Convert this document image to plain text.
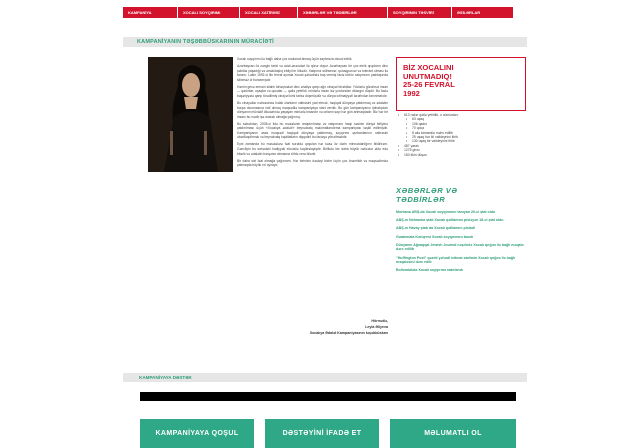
KAMPANİYA	XOCALI SOYQIRIMI	XOCALI XATİRƏSİ	XƏBƏRLƏR VƏ TƏDBİRLƏR	SOYQIRIMIN TƏSVİRİ	ƏSİLƏRLAR
KAMPANİYANIN TƏŞƏBBÜSKARININ MÜRACİƏTİ

Xocalı soyqırımı ilə bağlı daha çox məlumat almaq üçün saytımıza dəvət edirik.

Azərbaycan öz zəngin tarixi və adət-ənənələri ilə qürur duyur. Azərbaycan bir çox etnik qrupların dinc şəkildə yaşadığı və əməkdaşlıq etdiyi bir ölkədir. Xalqımız sülhsevər, qonaqpərvər və tolerant olması ilə tanınır. Lakin 1992-ci ilin fevral ayında Xocalı şəhərində baş vermiş faciə bütün xalqımızın yaddaşında silinməz iz buraxmışdır.

Həmin gecə erməni silahlı birləşmələri dinc əhaliyə qarşı ağır cinayət törətdilər. Yüzlərlə günahsız insan — qadınlar, uşaqlar və qocalar — qətlə yetirildi, minlərlə insan isə yurdundan didərgin düşdü. Bu faciə bəşəriyyətə qarşı törədilmiş cinayət kimi tarixə düşmüşdür və dünya ictimaiyyəti tərəfindən tanınmalıdır.

Bu cinayətlər nəticəsində həlak olanların xatirəsini yad etmək, həqiqəti dünyaya çatdırmaq və ədalətin bərpa olunmasına nail olmaq məqsədilə kampaniyaya start verdik. Bu gün kampaniyanın iştirakçıları dünyanın müxtəlif ölkələrində yaşayan minlərlə insandır və onların sayı hər gün artmaqdadır. Biz hər bir insanı bu nəcib işə dəstək olmağa çağırırıq.

Bu səbəbdən, 2008-ci ildə bu məsələnin araşdırılması və xalqımızın haqlı səsinin dünya birliyinə çatdırılması üçün «Xocalıya ədalət!» beynəlxalq məlumatlandırma kampaniyası təşkil edilmişdir. Kampaniyanın əsas məqsədi həqiqəti dünyaya çatdırmaq, soyqırımı qurbanlarının xatirəsini əbədiləşdirmək və beynəlxalq təşkilatların diqqətini bu faciəyə yönəltməkdir.

Eyni zamanda bu məsələlərə fəal surətdə qoşulan hər kəsə öz dərin minnətdarlığımı bildirirəm. Gəncliyin bu sahədəki fəaliyyəti xüsusilə təqdirəlayiqdir. Birlikdə biz daha böyük nəticələr əldə edə bilərik və ədalətin bərqərar olmasına töhfə verə bilərik.

Bir daha sizi fəal olmağa çağırıram. Hər birinizin dəstəyi bizim üçün çox önəmlidir və məqsədimizə çatmaqda böyük rol oynayır.

Hörmətlə,
Leyla Əliyeva
Xocalıya Ədalət Kampaniyasının təşəbbüskarı
BİZ XOCALINI
UNUTMADIQ!
25-26 FEVRAL
1992
• 613 nəfər qətlə yetirilib, o cümlədən:
• 63 uşaq
• 106 qadın
• 70 qoca
• 8 ailə tamamilə məhv edilib
• 25 uşaq hər iki valideynini itirib
• 130 uşaq bir valideynini itirib
• 487 yaralı
• 1275 girov
• 150 itkin düşən
XƏBƏRLƏR VƏ
TƏDBİRLƏR
Montana ABŞ-da Xocalı soyqırımını tanıyan 20-ci ştat oldu
ABŞ-ın Nebraska ştatı Xocalı qətliamını pisləyən 18-ci ştat oldu
ABŞ-ın Havay ştatı da Xocalı qətliamını pisladi
Guatemala Konqresi Xocalı soyqırımını tanıdı
Dünyanın Ağsaqqal Jewish Journal nəşrində Xocalı qırğını ilə bağlı məqalə dərc edilib
"Huffington Post" qəzeti yəhudi ictimai xadimin Xocalı qırğını ilə bağlı məqaləsini dərc edib
Bolivarialıda Xocalı soyqırımı xatırlandı
KAMPANİYAYA DƏSTƏK
KAMPANİYAYA QOŞUL	DƏSTƏYİNİ İFADƏ ET	MƏLUMATLI OL
